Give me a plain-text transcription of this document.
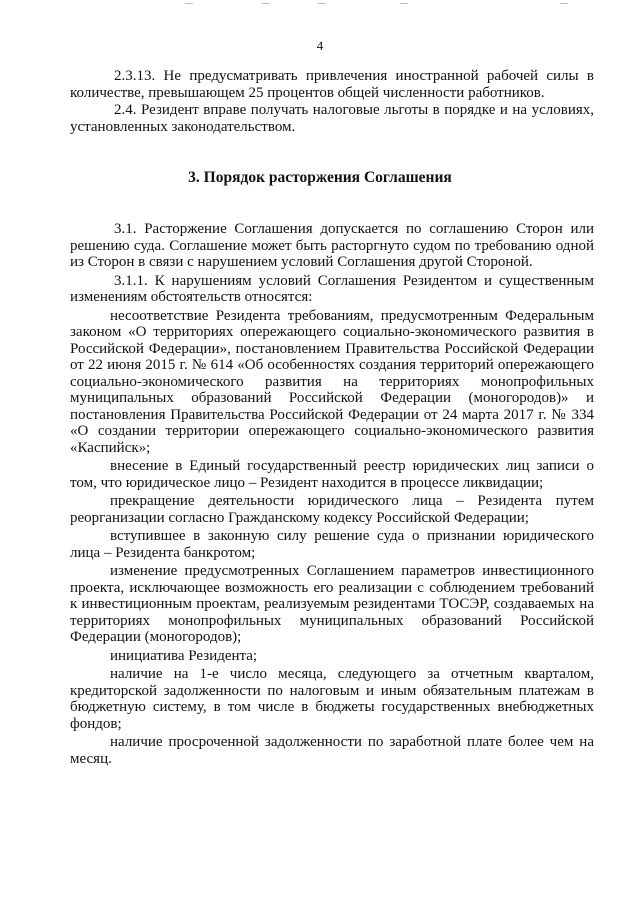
4

2.3.13. Не предусматривать привлечения иностранной рабочей силы в количестве, превышающем 25 процентов общей численности работников.

2.4. Резидент вправе получать налоговые льготы в порядке и на условиях, установленных законодательством.

3. Порядок расторжения Соглашения

3.1. Расторжение Соглашения допускается по соглашению Сторон или решению суда. Соглашение может быть расторгнуто судом по требованию одной из Сторон в связи с нарушением условий Соглашения другой Стороной.

3.1.1. К нарушениям условий Соглашения Резидентом и существенным изменениям обстоятельств относятся:

несоответствие Резидента требованиям, предусмотренным Федеральным законом «О территориях опережающего социально-экономического развития в Российской Федерации», постановлением Правительства Российской Федерации от 22 июня 2015 г. № 614 «Об особенностях создания территорий опережающего социально-экономического развития на территориях монопрофильных муниципальных образований Российской Федерации (моногородов)» и постановления Правительства Российской Федерации от 24 марта 2017 г. № 334 «О создании территории опережающего социально-экономического развития «Каспийск»;

внесение в Единый государственный реестр юридических лиц записи о том, что юридическое лицо – Резидент находится в процессе ликвидации;

прекращение деятельности юридического лица – Резидента путем реорганизации согласно Гражданскому кодексу Российской Федерации;

вступившее в законную силу решение суда о признании юридического лица – Резидента банкротом;

изменение предусмотренных Соглашением параметров инвестиционного проекта, исключающее возможность его реализации с соблюдением требований к инвестиционным проектам, реализуемым резидентами ТОСЭР, создаваемых на территориях монопрофильных муниципальных образований Российской Федерации (моногородов);

инициатива Резидента;

наличие на 1-е число месяца, следующего за отчетным кварталом, кредиторской задолженности по налоговым и иным обязательным платежам в бюджетную систему, в том числе в бюджеты государственных внебюджетных фондов;

наличие просроченной задолженности по заработной плате более чем на месяц.
